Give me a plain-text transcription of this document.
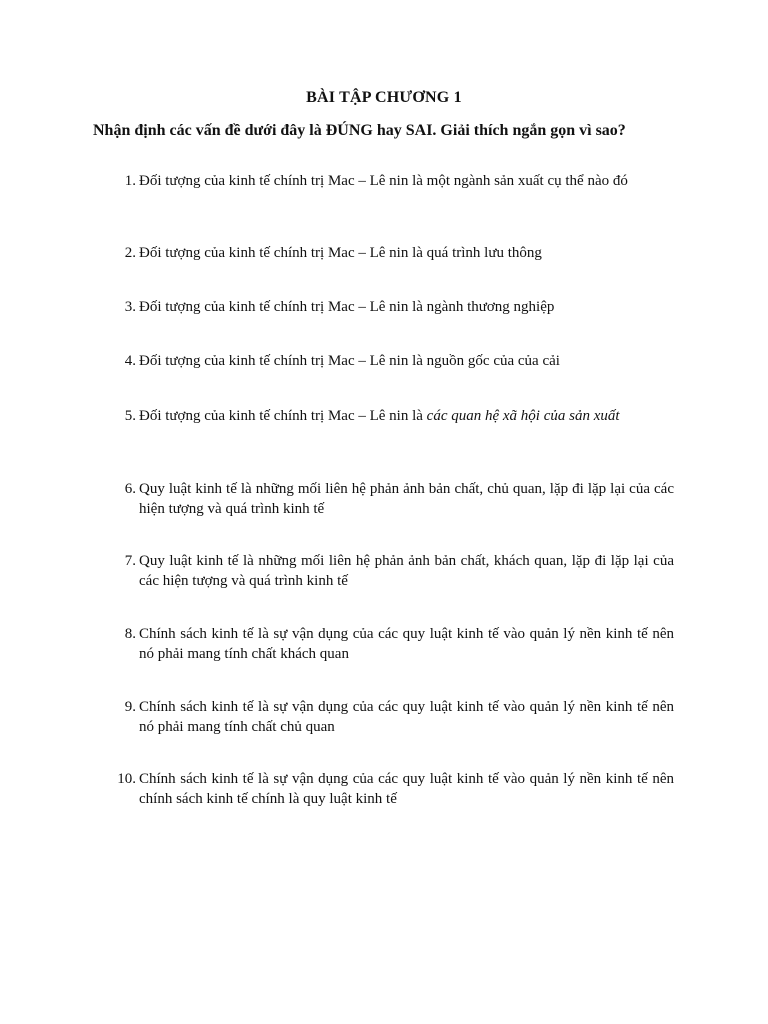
BÀI TẬP CHƯƠNG 1
Nhận định các vấn đề dưới đây là ĐÚNG hay SAI. Giải thích ngắn gọn vì sao?
1. Đối tượng của kinh tế chính trị Mac – Lê nin là một ngành sản xuất cụ thể nào đó
2. Đối tượng của kinh tế chính trị Mac – Lê nin là quá trình lưu thông
3. Đối tượng của kinh tế chính trị Mac – Lê nin là ngành thương nghiệp
4. Đối tượng của kinh tế chính trị Mac – Lê nin là nguồn gốc của của cải
5. Đối tượng của kinh tế chính trị Mac – Lê nin là các quan hệ xã hội của sản xuất
6. Quy luật kinh tế là những mối liên hệ phản ảnh bản chất, chủ quan, lặp đi lặp lại của các hiện tượng và quá trình kinh tế
7. Quy luật kinh tế là những mối liên hệ phản ảnh bản chất, khách quan, lặp đi lặp lại của các hiện tượng và quá trình kinh tế
8. Chính sách kinh tế là sự vận dụng của các quy luật kinh tế vào quản lý nền kinh tế nên nó phải mang tính chất khách quan
9. Chính sách kinh tế là sự vận dụng của các quy luật kinh tế vào quản lý nền kinh tế nên nó phải mang tính chất chủ quan
10. Chính sách kinh tế là sự vận dụng của các quy luật kinh tế vào quản lý nền kinh tế nên chính sách kinh tế chính là quy luật kinh tế
